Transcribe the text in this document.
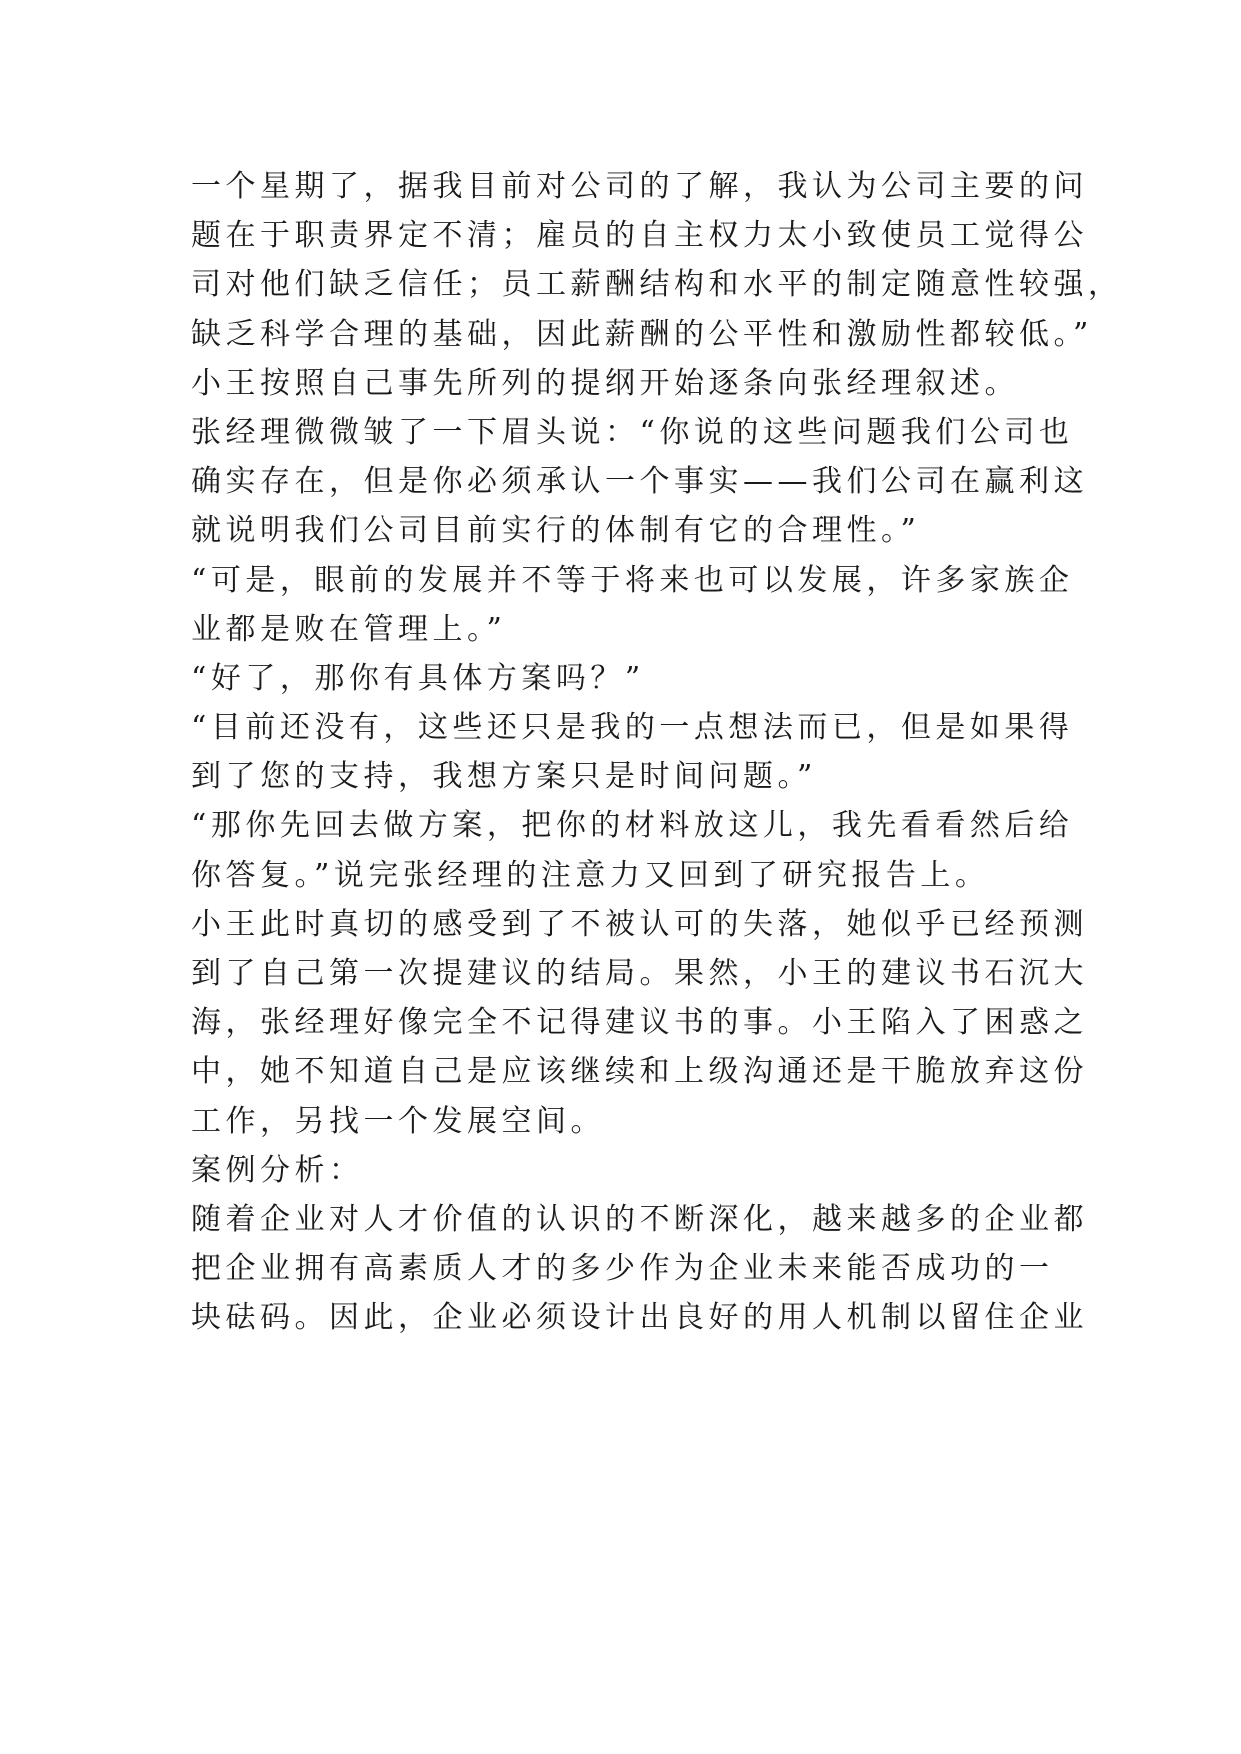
一个星期了，据我目前对公司的了解，我认为公司主要的问
题在于职责界定不清；雇员的自主权力太小致使员工觉得公
司对他们缺乏信任；员工薪酬结构和水平的制定随意性较强，
缺乏科学合理的基础，因此薪酬的公平性和激励性都较低。”
小王按照自己事先所列的提纲开始逐条向张经理叙述。
张经理微微皱了一下眉头说：“你说的这些问题我们公司也
确实存在，但是你必须承认一个事实——我们公司在赢利这
就说明我们公司目前实行的体制有它的合理性。”
“可是，眼前的发展并不等于将来也可以发展，许多家族企
业都是败在管理上。”
“好了，那你有具体方案吗？”
“目前还没有，这些还只是我的一点想法而已，但是如果得
到了您的支持，我想方案只是时间问题。”
“那你先回去做方案，把你的材料放这儿，我先看看然后给
你答复。”说完张经理的注意力又回到了研究报告上。
小王此时真切的感受到了不被认可的失落，她似乎已经预测
到了自己第一次提建议的结局。果然，小王的建议书石沉大
海，张经理好像完全不记得建议书的事。小王陷入了困惑之
中，她不知道自己是应该继续和上级沟通还是干脆放弃这份
工作，另找一个发展空间。
案例分析：
随着企业对人才价值的认识的不断深化，越来越多的企业都
把企业拥有高素质人才的多少作为企业未来能否成功的一
块砝码。因此，企业必须设计出良好的用人机制以留住企业
